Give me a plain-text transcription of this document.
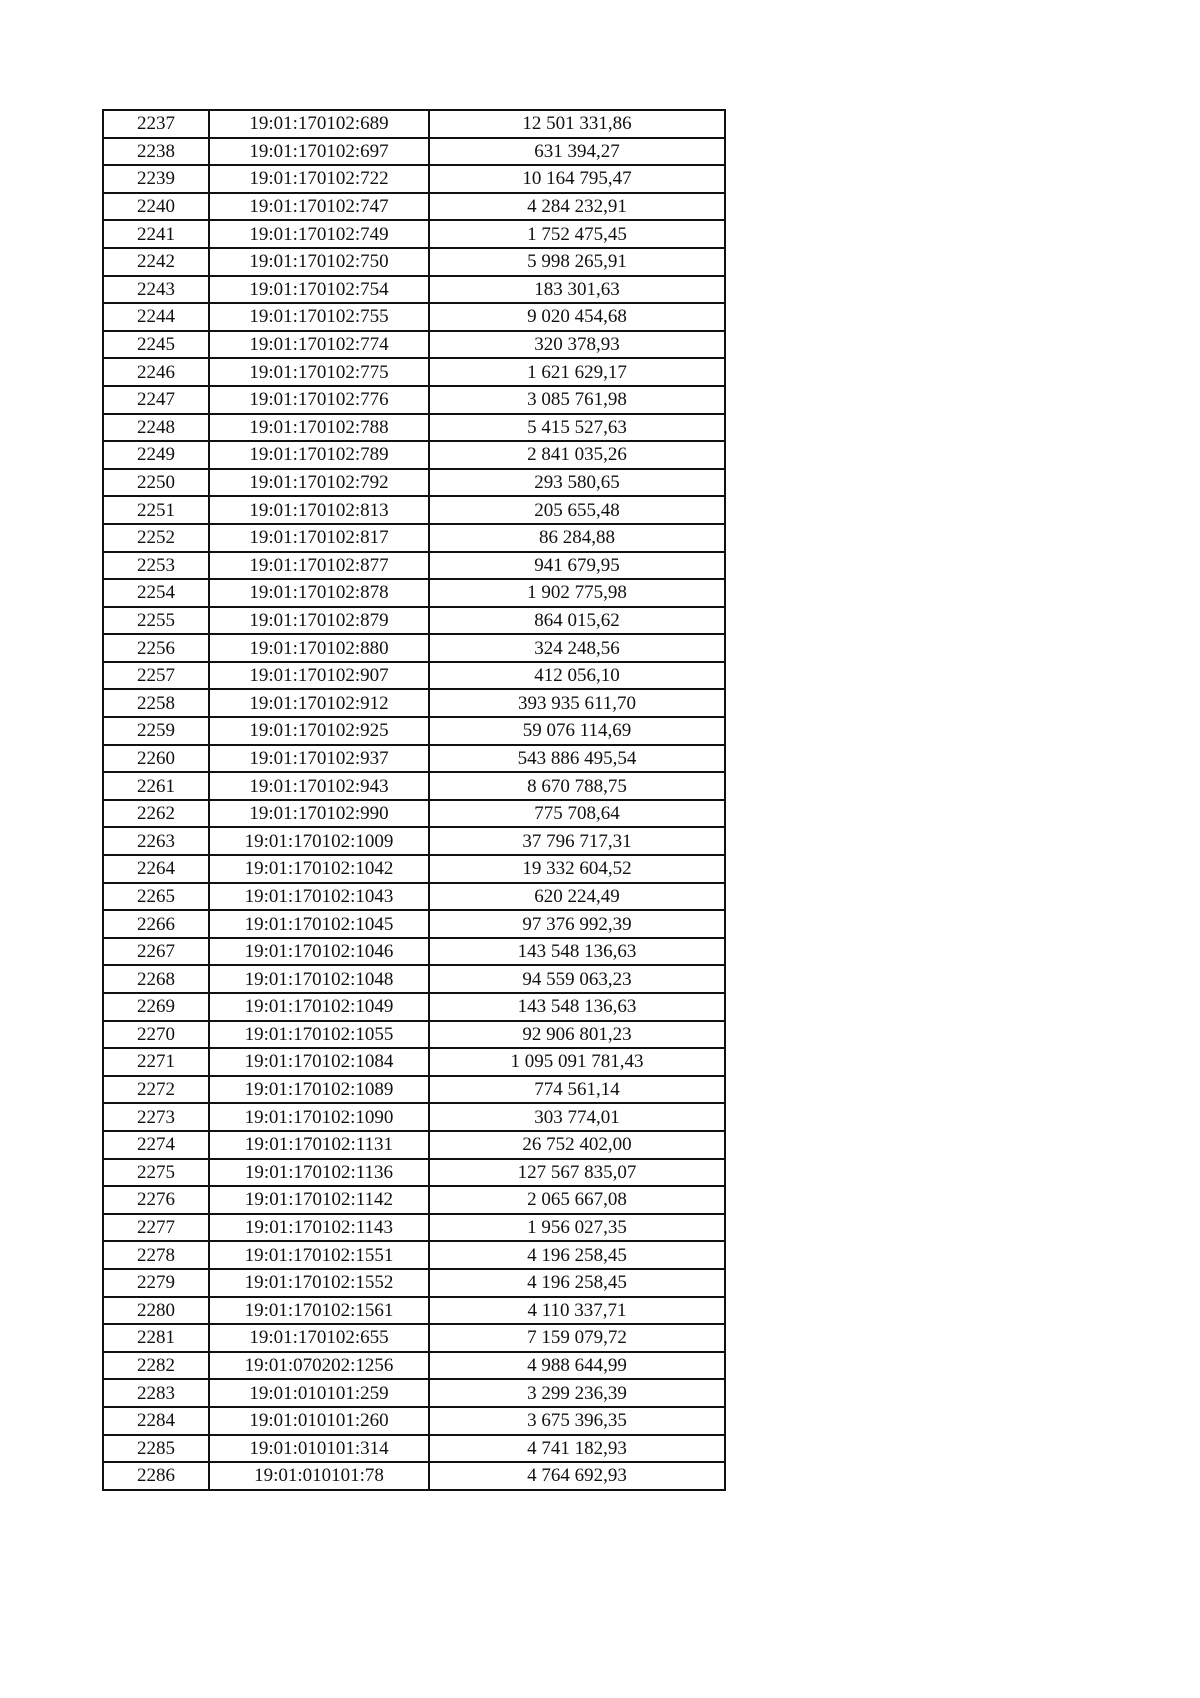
2237	19:01:170102:689	12 501 331,86
2238	19:01:170102:697	631 394,27
2239	19:01:170102:722	10 164 795,47
2240	19:01:170102:747	4 284 232,91
2241	19:01:170102:749	1 752 475,45
2242	19:01:170102:750	5 998 265,91
2243	19:01:170102:754	183 301,63
2244	19:01:170102:755	9 020 454,68
2245	19:01:170102:774	320 378,93
2246	19:01:170102:775	1 621 629,17
2247	19:01:170102:776	3 085 761,98
2248	19:01:170102:788	5 415 527,63
2249	19:01:170102:789	2 841 035,26
2250	19:01:170102:792	293 580,65
2251	19:01:170102:813	205 655,48
2252	19:01:170102:817	86 284,88
2253	19:01:170102:877	941 679,95
2254	19:01:170102:878	1 902 775,98
2255	19:01:170102:879	864 015,62
2256	19:01:170102:880	324 248,56
2257	19:01:170102:907	412 056,10
2258	19:01:170102:912	393 935 611,70
2259	19:01:170102:925	59 076 114,69
2260	19:01:170102:937	543 886 495,54
2261	19:01:170102:943	8 670 788,75
2262	19:01:170102:990	775 708,64
2263	19:01:170102:1009	37 796 717,31
2264	19:01:170102:1042	19 332 604,52
2265	19:01:170102:1043	620 224,49
2266	19:01:170102:1045	97 376 992,39
2267	19:01:170102:1046	143 548 136,63
2268	19:01:170102:1048	94 559 063,23
2269	19:01:170102:1049	143 548 136,63
2270	19:01:170102:1055	92 906 801,23
2271	19:01:170102:1084	1 095 091 781,43
2272	19:01:170102:1089	774 561,14
2273	19:01:170102:1090	303 774,01
2274	19:01:170102:1131	26 752 402,00
2275	19:01:170102:1136	127 567 835,07
2276	19:01:170102:1142	2 065 667,08
2277	19:01:170102:1143	1 956 027,35
2278	19:01:170102:1551	4 196 258,45
2279	19:01:170102:1552	4 196 258,45
2280	19:01:170102:1561	4 110 337,71
2281	19:01:170102:655	7 159 079,72
2282	19:01:070202:1256	4 988 644,99
2283	19:01:010101:259	3 299 236,39
2284	19:01:010101:260	3 675 396,35
2285	19:01:010101:314	4 741 182,93
2286	19:01:010101:78	4 764 692,93
